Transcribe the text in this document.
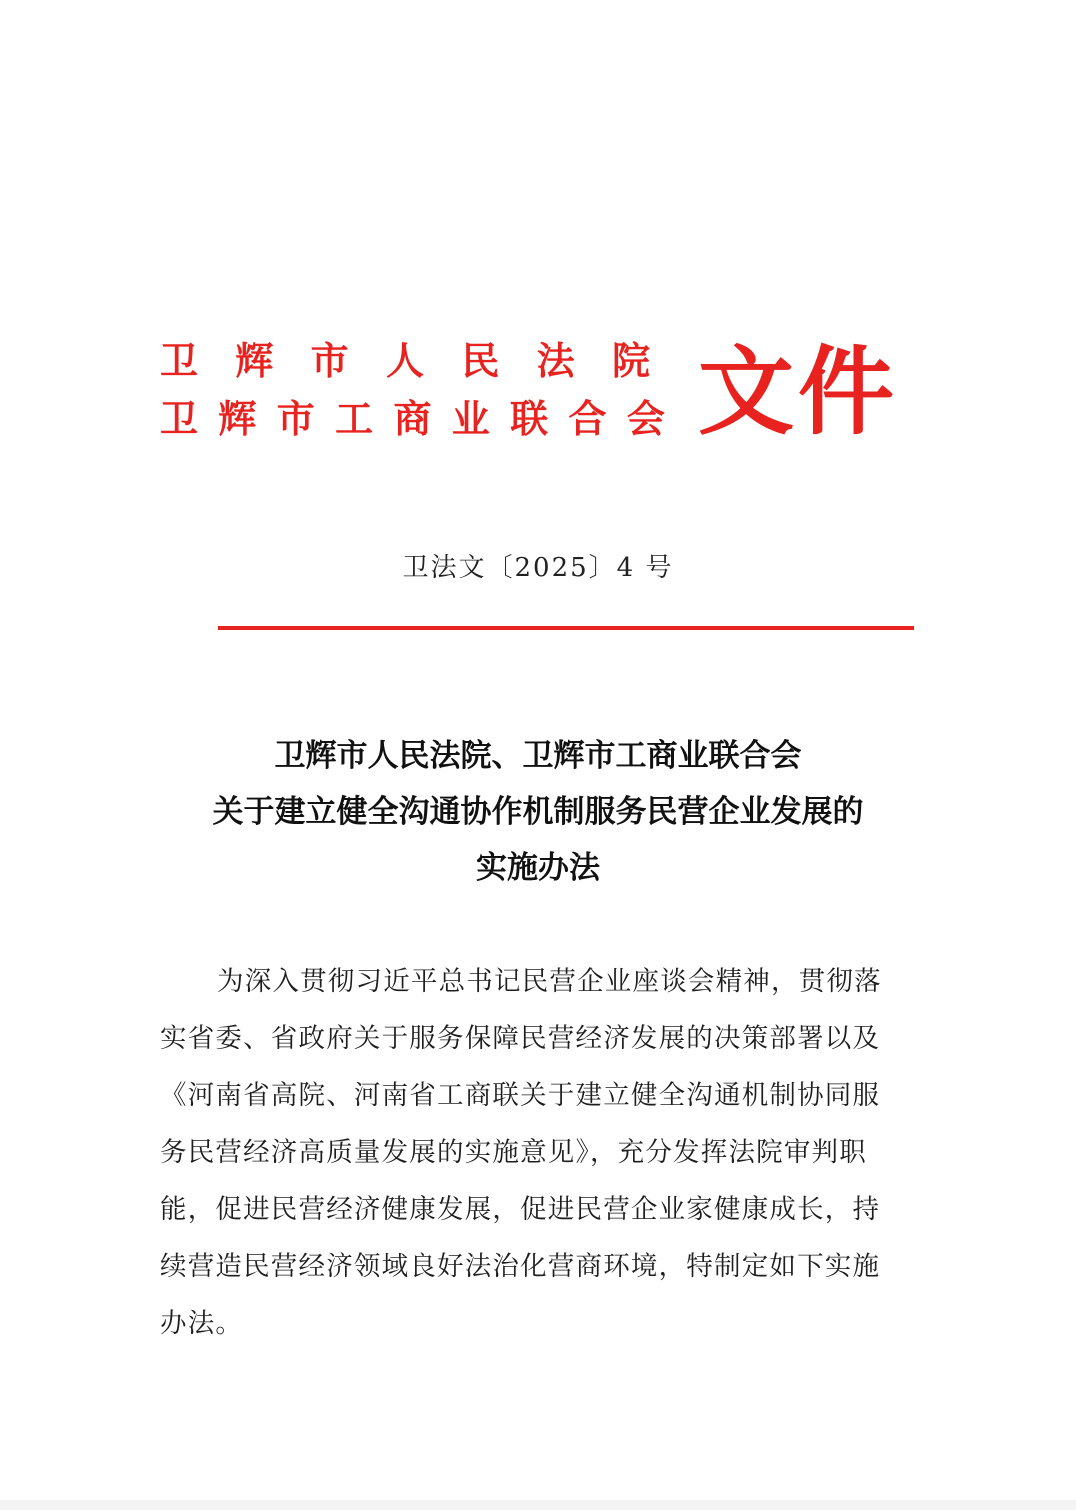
卫 辉 市 人 民 法 院
卫 辉 市 工 商 业 联 合 会 文件
卫法文〔2025〕4 号
卫辉市人民法院、卫辉市工商业联合会
关于建立健全沟通协作机制服务民营企业发展的
实施办法
为深入贯彻习近平总书记民营企业座谈会精神，贯彻落
实省委、省政府关于服务保障民营经济发展的决策部署以及
《河南省高院、河南省工商联关于建立健全沟通机制协同服
务民营经济高质量发展的实施意见》，充分发挥法院审判职
能，促进民营经济健康发展，促进民营企业家健康成长，持
续营造民营经济领域良好法治化营商环境，特制定如下实施
办法。
